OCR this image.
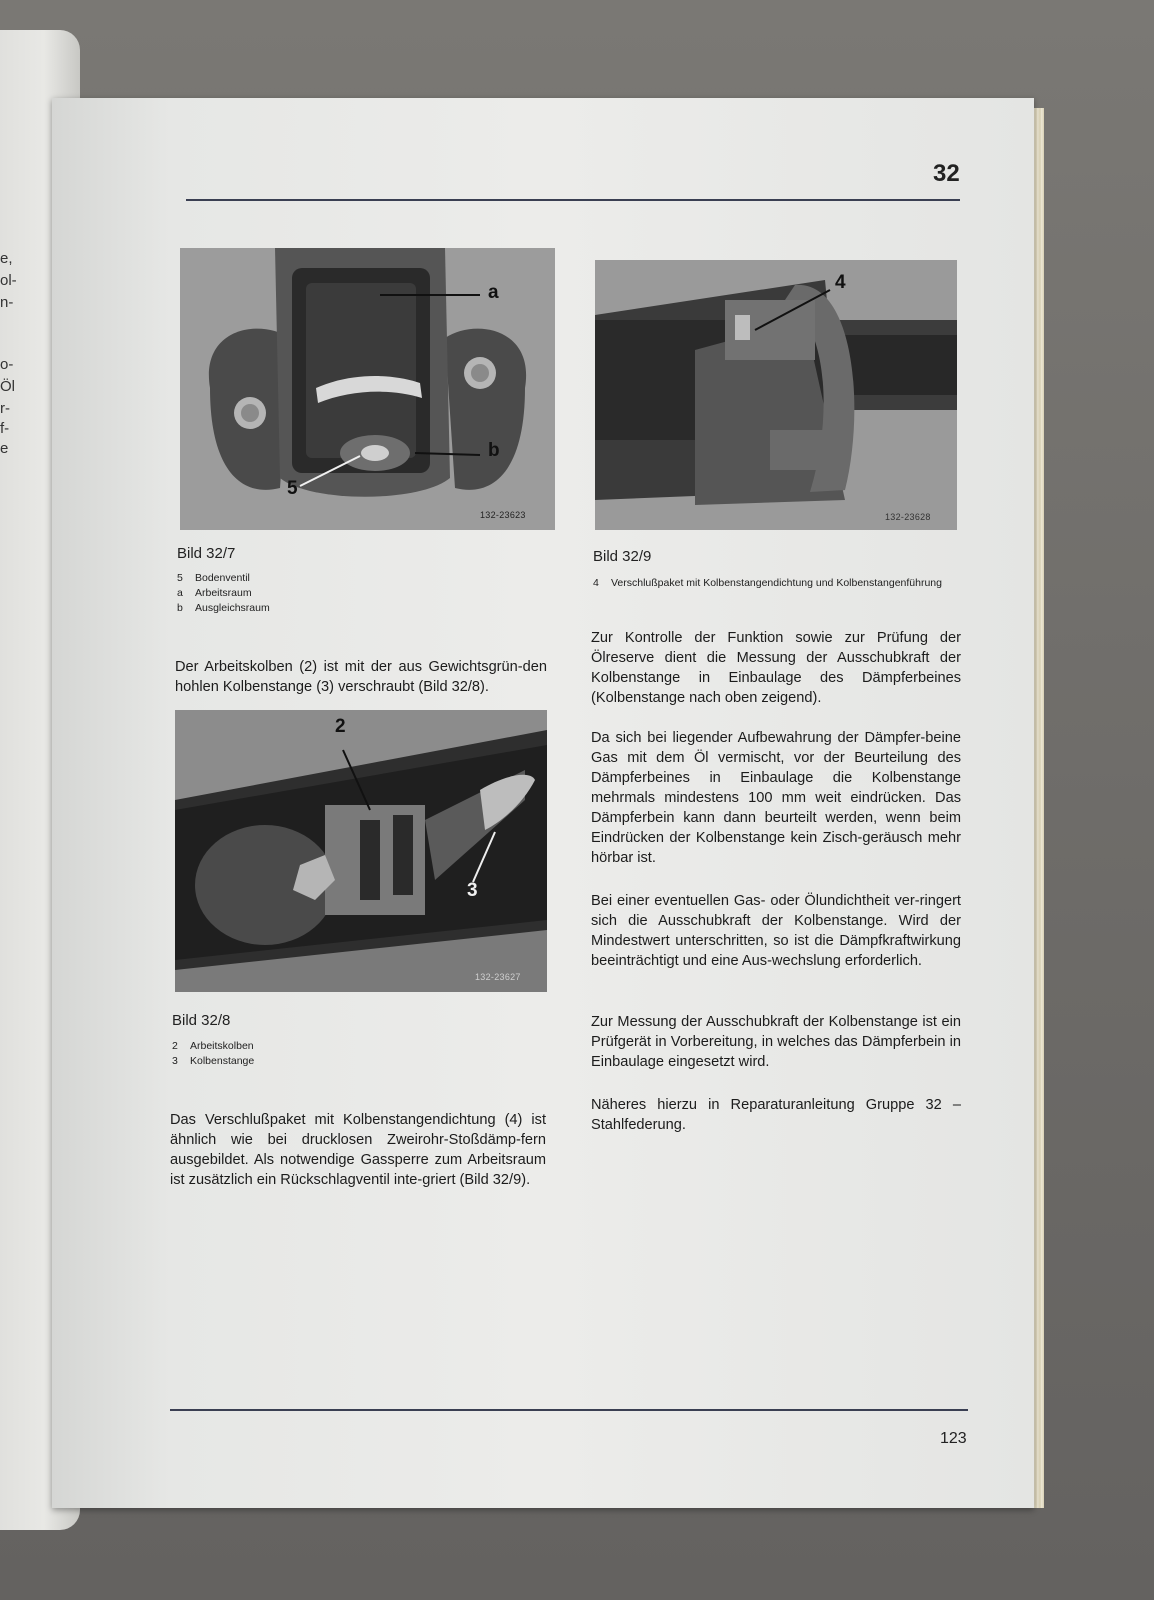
e,
ol-
n-
o-
Öl
r-
f-
e
32
a
b
5
132-23623
Bild 32/7
5 Bodenventil
a Arbeitsraum
b Ausgleichsraum

Der Arbeitskolben (2) ist mit der aus Gewichtsgrün-den hohlen Kolbenstange (3) verschraubt (Bild 32/8).

2
3
132-23627
Bild 32/8
2 Arbeitskolben
3 Kolbenstange

Das Verschlußpaket mit Kolbenstangendichtung (4) ist ähnlich wie bei drucklosen Zweirohr-Stoßdämp-fern ausgebildet. Als notwendige Gassperre zum Arbeitsraum ist zusätzlich ein Rückschlagventil inte-griert (Bild 32/9).

4
132-23628
Bild 32/9
4 Verschlußpaket mit Kolbenstangendichtung und Kolbenstangenführung

Zur Kontrolle der Funktion sowie zur Prüfung der Ölreserve dient die Messung der Ausschubkraft der Kolbenstange in Einbaulage des Dämpferbeines (Kolbenstange nach oben zeigend).

Da sich bei liegender Aufbewahrung der Dämpfer-beine Gas mit dem Öl vermischt, vor der Beurteilung des Dämpferbeines in Einbaulage die Kolbenstange mehrmals mindestens 100 mm weit eindrücken. Das Dämpferbein kann dann beurteilt werden, wenn beim Eindrücken der Kolbenstange kein Zisch-geräusch mehr hörbar ist.

Bei einer eventuellen Gas- oder Ölundichtheit ver-ringert sich die Ausschubkraft der Kolbenstange. Wird der Mindestwert unterschritten, so ist die Dämpfkraftwirkung beeinträchtigt und eine Aus-wechslung erforderlich.

Zur Messung der Ausschubkraft der Kolbenstange ist ein Prüfgerät in Vorbereitung, in welches das Dämpferbein in Einbaulage eingesetzt wird.

Näheres hierzu in Reparaturanleitung Gruppe 32 – Stahlfederung.

123
